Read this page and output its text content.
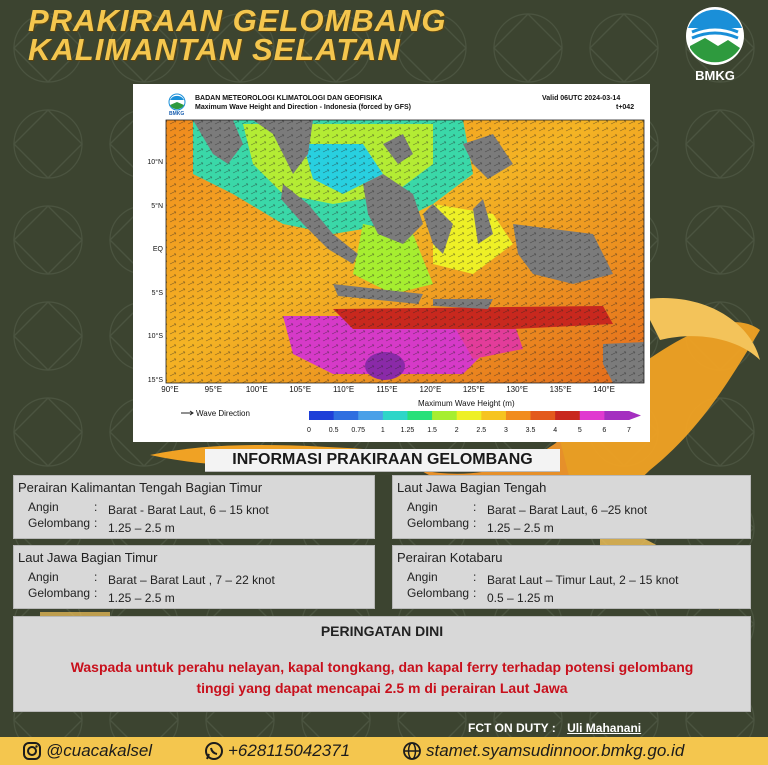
PRAKIRAAN GELOMBANG
KALIMANTAN SELATAN
BMKG
BADAN METEOROLOGI KLIMATOLOGI DAN GEOFISIKA
Maximum Wave Height and Direction - Indonesia (forced by GFS)
Valid 06UTC 2024-03-14
t+042
BMKG
10°N
5°N
EQ
5°S
10°S
15°S
90°E	95°E	100°E	105°E	110°E	115°E	120°E	125°E	130°E	135°E	140°E
Wave Direction
Maximum Wave Height (m)
0	0.5	0.75	1	1.25	1.5	2	2.5	3	3.5	4	5	6	7
INFORMASI PRAKIRAAN GELOMBANG
Perairan Kalimantan Tengah Bagian Timur
Angin	: Barat - Barat Laut, 6 – 15 knot
Gelombang : 1.25 – 2.5 m
Laut Jawa Bagian Tengah
Angin	: Barat – Barat Laut, 6 –25 knot
Gelombang : 1.25 – 2.5 m
Laut Jawa Bagian Timur
Angin	: Barat – Barat Laut , 7 – 22 knot
Gelombang : 1.25 – 2.5 m
Perairan Kotabaru
Angin	: Barat Laut – Timur Laut, 2 – 15 knot
Gelombang : 0.5 – 1.25 m
PERINGATAN DINI
Waspada untuk perahu nelayan, kapal tongkang, dan kapal ferry terhadap potensi gelombang
tinggi yang dapat mencapai 2.5 m di perairan Laut Jawa
FCT ON DUTY : Uli Mahanani
@cuacakalsel	+628115042371	stamet.syamsudinnoor.bmkg.go.id
